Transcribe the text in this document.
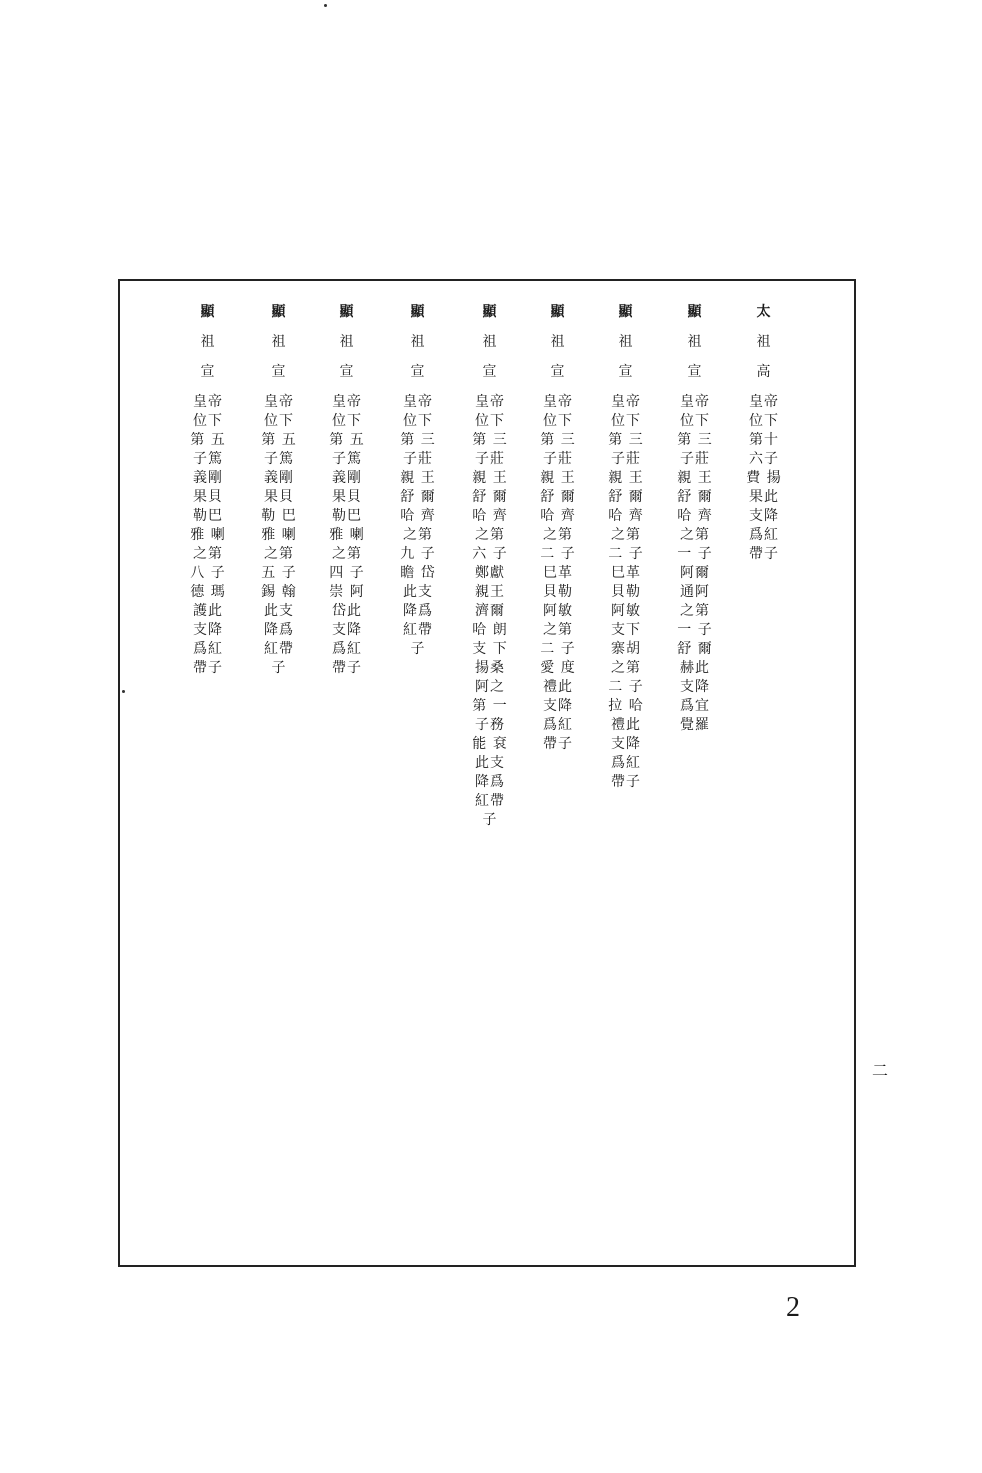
太
祖
高
皇帝位下第十六子費 揚 果此支降爲紅帶子
顯
祖
宣
皇帝位下第 三 子莊 親 王 舒 爾 哈 齊 之第 一 子阿爾通阿之第 一 子舒 爾 赫此支降爲宜覺羅
顯
祖
宣
皇帝位下第 三 子莊 親 王 舒 爾 哈 齊 之第 二 子巳革貝勒阿敏支下寨胡之第 二 子拉 哈 禮此支降爲紅帶子
顯
祖
宣
皇帝位下第 三 子莊 親 王 舒 爾 哈 齊 之第 二 子巳革貝勒阿敏之第 二 子愛 度 禮此支降爲紅帶子
顯
祖
宣
皇帝位下第 三 子莊 親 王 舒 爾 哈 齊 之第 六 子鄭獻親王濟爾 哈 朗 支 下揚桑阿之第 一 子務 能 袞此支降爲紅帶子
顯
祖
宣
皇帝位下第 三 子莊 親 王 舒 爾 哈 齊 之第 九 子瞻 岱此支降爲紅帶子
顯
祖
宣
皇帝位下第 五 子篤義剛果貝勒巴 雅 喇 之第 四 子崇 阿 岱此支降爲紅帶子
顯
祖
宣
皇帝位下第 五 子篤義剛果貝勒 巴 雅 喇 之第 五 子錫 翰此支降爲紅帶子
顯
祖
宣
皇帝位下第 五 子篤義剛果貝勒巴 雅 喇 之第 八 子德 瑪 護此支降爲紅帶子
二
2
